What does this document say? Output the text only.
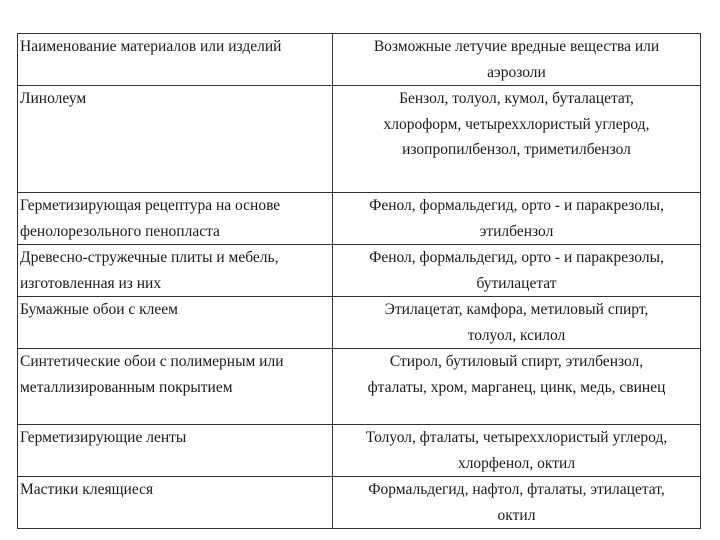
Наименование материалов или изделий	Возможные летучие вредные вещества или
аэрозоли

Линолеум	Бензол, толуол, кумол, буталацетат,
хлороформ, четыреххлористый углерод,
изопропилбензол, триметилбензол

Герметизирующая рецептура на основе
фенолорезольного пенопласта	Фенол, формальдегид, орто - и паракрезолы,
этилбензол

Древесно-стружечные плиты и мебель,
изготовленная из них	Фенол, формальдегид, орто - и паракрезолы,
бутилацетат

Бумажные обои с клеем	Этилацетат, камфора, метиловый спирт,
толуол, ксилол

Синтетические обои с полимерным или
металлизированным покрытием	Стирол, бутиловый спирт, этилбензол,
фталаты, хром, марганец, цинк, медь, свинец

Герметизирующие ленты	Толуол, фталаты, четыреххлористый углерод,
хлорфенол, октил

Мастики клеящиеся	Формальдегид, нафтол, фталаты, этилацетат,
октил
